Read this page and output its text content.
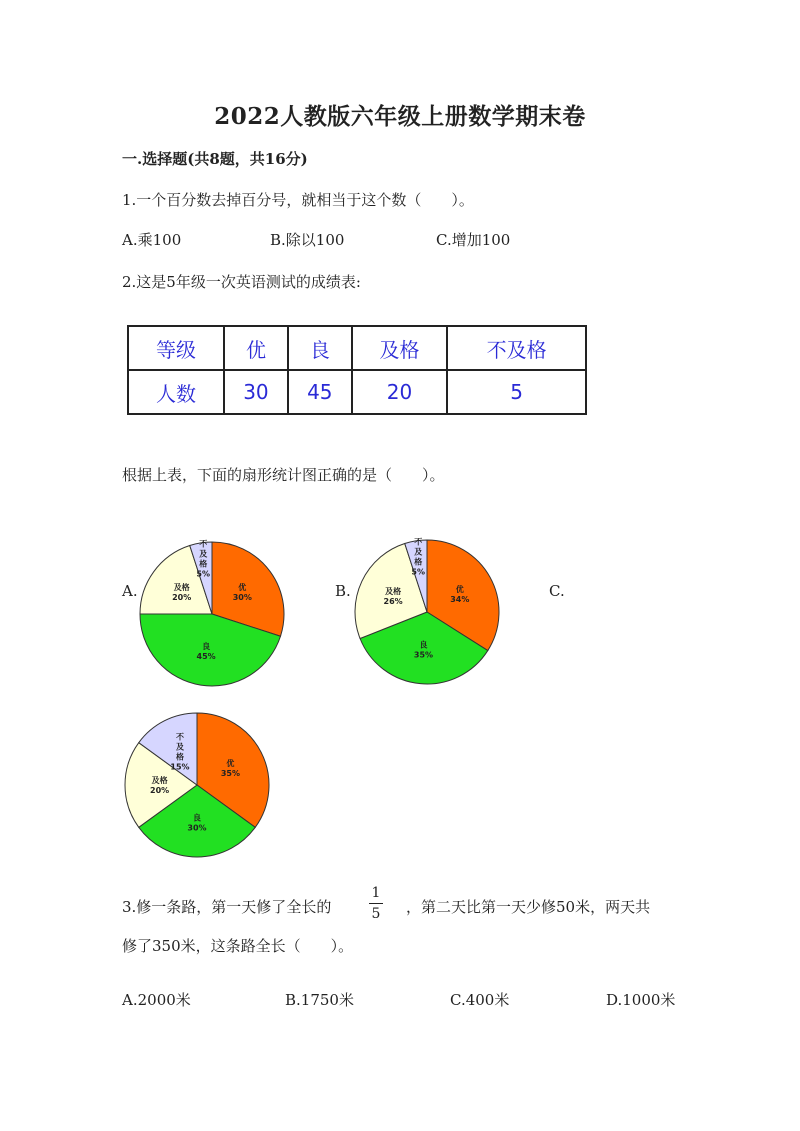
2022人教版六年级上册数学期末卷
一.选择题(共8题，共16分)
1.一个百分数去掉百分号，就相当于这个数（　　）。
A.乘100	B.除以100	C.增加100
2.这是5年级一次英语测试的成绩表:
等级	优	良	及格	不及格
人数	30	45	20	5
根据上表，下面的扇形统计图正确的是（　　）。
A.	B.	C.
优 30%
良 45%
及格 20%
不及格 5%
优 34%
良 35%
及格 26%
不及格 5%
优 35%
良 30%
及格 20%
不及格 15%
3.修一条路，第一天修了全长的
1
5	，第二天比第一天少修50米，两天共
修了350米，这条路全长（　　）。
A.2000米	B.1750米	C.400米	D.1000米
